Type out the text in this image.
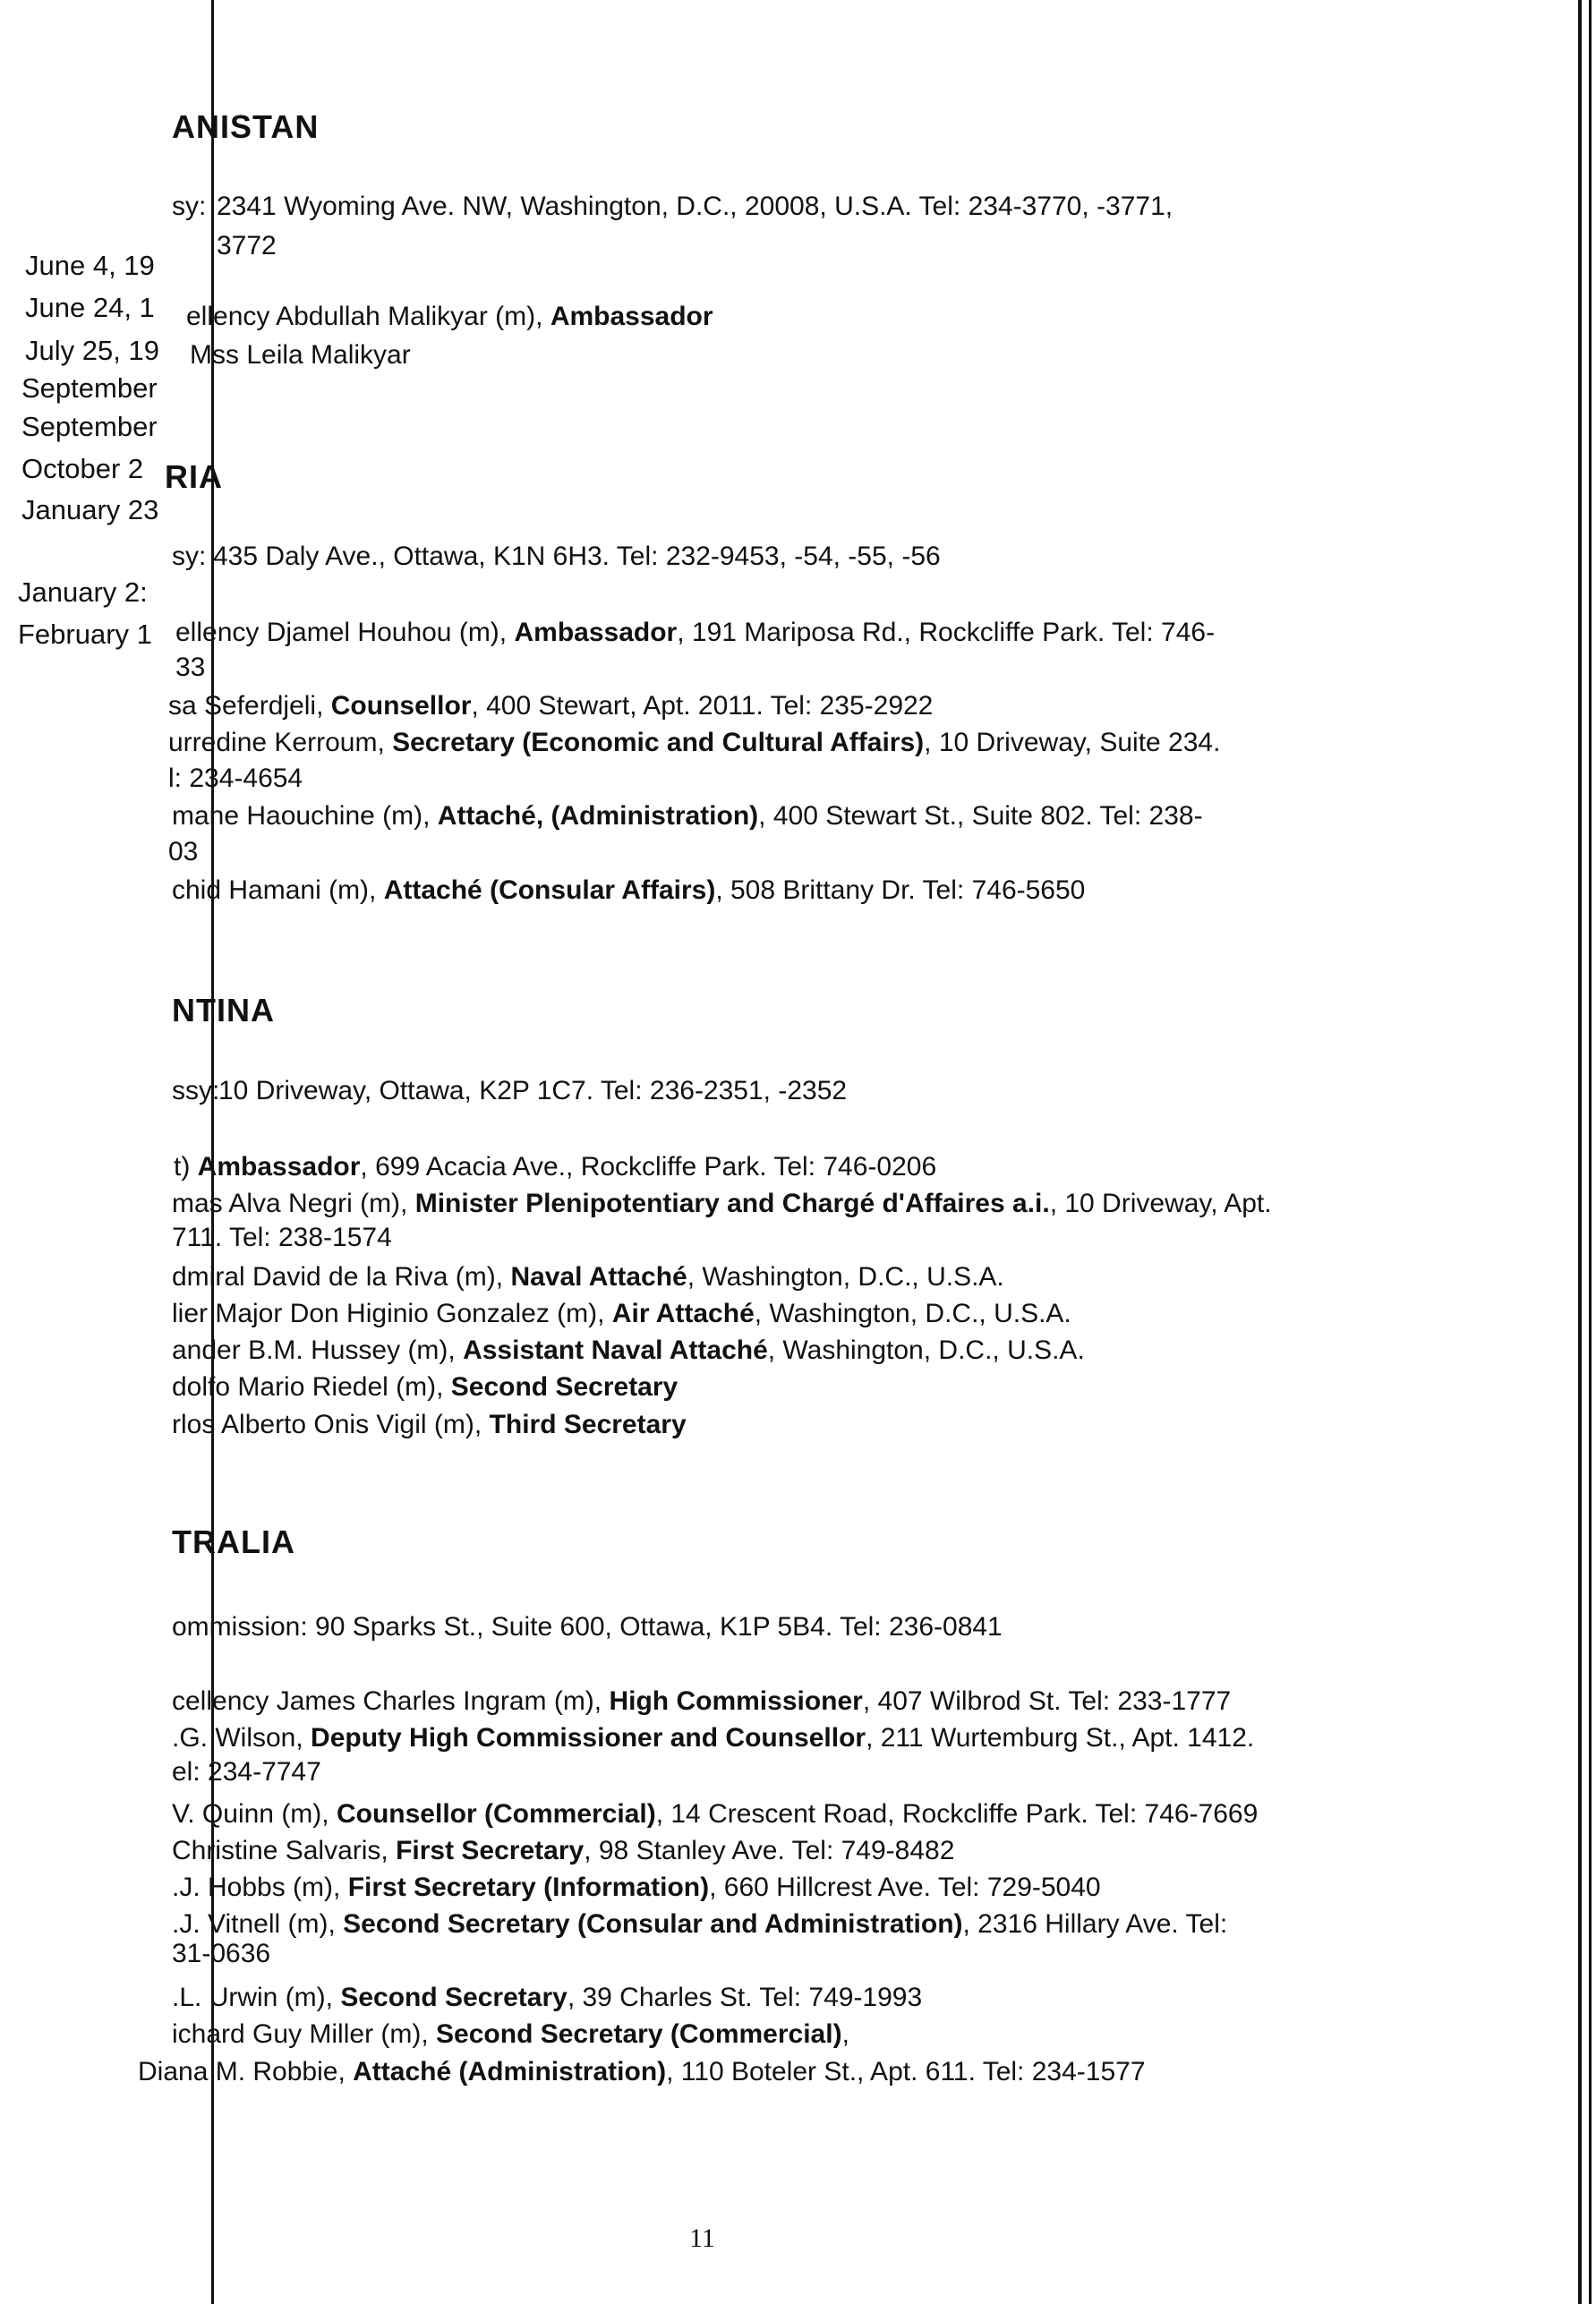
June 4, 19
June 24, 1
July 25, 19
September
September
October 2
January 23
January 2:
February 1
ANISTAN
sy: 2341 Wyoming Ave. NW, Washington, D.C., 20008, U.S.A. Tel: 234-3770, -3771,
3772
ellency Abdullah Malikyar (m), Ambassador
Mss Leila Malikyar
RIA
sy: 435 Daly Ave., Ottawa, K1N 6H3. Tel: 232-9453, -54, -55, -56
ellency Djamel Houhou (m), Ambassador, 191 Mariposa Rd., Rockcliffe Park. Tel: 746-
33
sa Seferdjeli, Counsellor, 400 Stewart, Apt. 2011. Tel: 235-2922
urredine Kerroum, Secretary (Economic and Cultural Affairs), 10 Driveway, Suite 234.
l: 234-4654
mane Haouchine (m), Attaché, (Administration), 400 Stewart St., Suite 802. Tel: 238-
03
chid Hamani (m), Attaché (Consular Affairs), 508 Brittany Dr. Tel: 746-5650
NTINA
ssy:
10 Driveway, Ottawa, K2P 1C7. Tel: 236-2351, -2352
t) Ambassador, 699 Acacia Ave., Rockcliffe Park. Tel: 746-0206
mas Alva Negri (m), Minister Plenipotentiary and Chargé d'Affaires a.i., 10 Driveway, Apt.
711. Tel: 238-1574
dmiral David de la Riva (m), Naval Attaché, Washington, D.C., U.S.A.
lier Major Don Higinio Gonzalez (m), Air Attaché, Washington, D.C., U.S.A.
ander B.M. Hussey (m), Assistant Naval Attaché, Washington, D.C., U.S.A.
dolfo Mario Riedel (m), Second Secretary
rlos Alberto Onis Vigil (m), Third Secretary
TRALIA
ommission: 90 Sparks St., Suite 600, Ottawa, K1P 5B4. Tel: 236-0841
cellency James Charles Ingram (m), High Commissioner, 407 Wilbrod St. Tel: 233-1777
.G. Wilson, Deputy High Commissioner and Counsellor, 211 Wurtemburg St., Apt. 1412.
el: 234-7747
V. Quinn (m), Counsellor (Commercial), 14 Crescent Road, Rockcliffe Park. Tel: 746-7669
Christine Salvaris, First Secretary, 98 Stanley Ave. Tel: 749-8482
.J. Hobbs (m), First Secretary (Information), 660 Hillcrest Ave. Tel: 729-5040
.J. Vitnell (m), Second Secretary (Consular and Administration), 2316 Hillary Ave. Tel:
31-0636
.L. Urwin (m), Second Secretary, 39 Charles St. Tel: 749-1993
ichard Guy Miller (m), Second Secretary (Commercial),
Diana M. Robbie, Attaché (Administration), 110 Boteler St., Apt. 611. Tel: 234-1577
11
